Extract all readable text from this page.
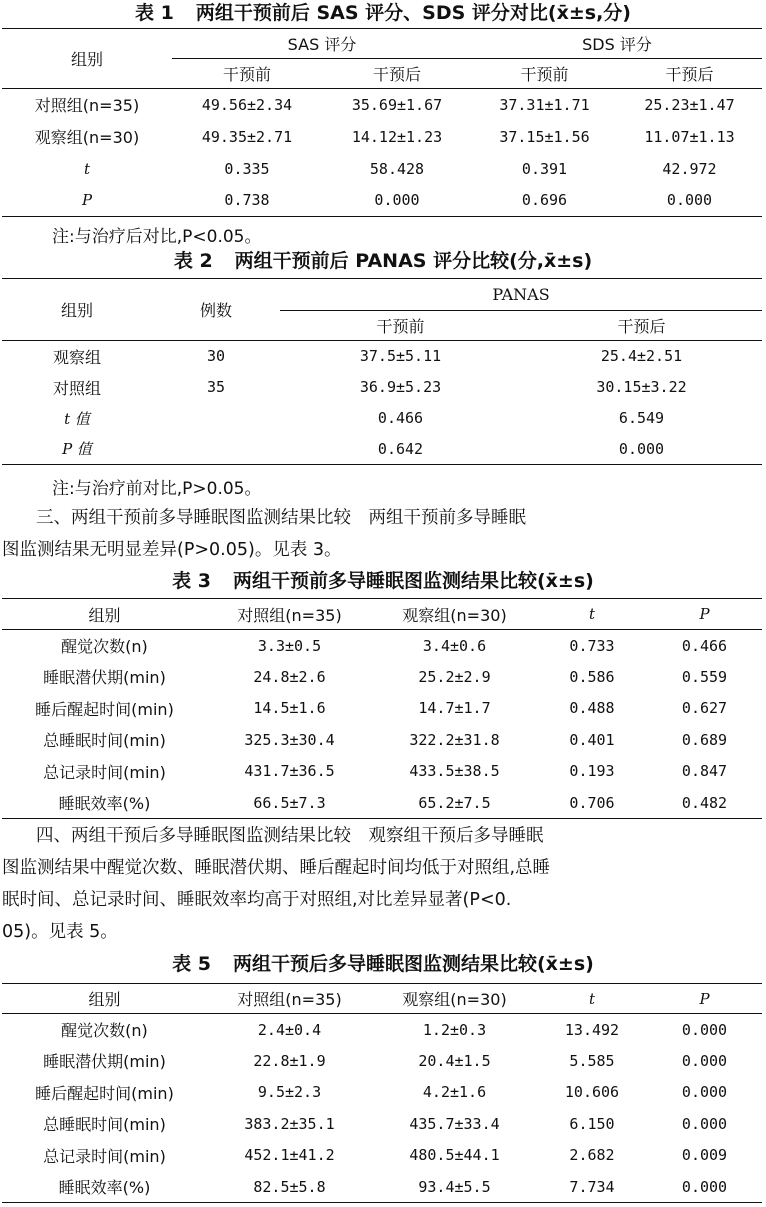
表 1 两组干预前后 SAS 评分、SDS 评分对比(x̄±s,分)
组别	SAS 评分		SDS 评分	
	干预前	干预后	干预前	干预后
对照组(n=35)	49.56±2.34	35.69±1.67	37.31±1.71	25.23±1.47
观察组(n=30)	49.35±2.71	14.12±1.23	37.15±1.56	11.07±1.13
t	0.335	58.428	0.391	42.972
P	0.738	0.000	0.696	0.000
注:与治疗后对比,P<0.05。
表 2 两组干预前后 PANAS 评分比较(分,x̄±s)
组别	例数	PANAS	
		干预前	干预后
观察组	30	37.5±5.11	25.4±2.51
对照组	35	36.9±5.23	30.15±3.22
t 值		0.466	6.549
P 值		0.642	0.000
注:与治疗前对比,P>0.05。
三、两组干预前多导睡眠图监测结果比较　两组干预前多导睡眠
图监测结果无明显差异(P>0.05)。见表 3。
表 3 两组干预前多导睡眠图监测结果比较(x̄±s)
组别	对照组(n=35)	观察组(n=30)	t	P
醒觉次数(n)	3.3±0.5	3.4±0.6	0.733	0.466
睡眠潜伏期(min)	24.8±2.6	25.2±2.9	0.586	0.559
睡后醒起时间(min)	14.5±1.6	14.7±1.7	0.488	0.627
总睡眠时间(min)	325.3±30.4	322.2±31.8	0.401	0.689
总记录时间(min)	431.7±36.5	433.5±38.5	0.193	0.847
睡眠效率(%)	66.5±7.3	65.2±7.5	0.706	0.482
四、两组干预后多导睡眠图监测结果比较　观察组干预后多导睡眠
图监测结果中醒觉次数、睡眠潜伏期、睡后醒起时间均低于对照组,总睡
眠时间、总记录时间、睡眠效率均高于对照组,对比差异显著(P<0.
05)。见表 5。
表 5 两组干预后多导睡眠图监测结果比较(x̄±s)
组别	对照组(n=35)	观察组(n=30)	t	P
醒觉次数(n)	2.4±0.4	1.2±0.3	13.492	0.000
睡眠潜伏期(min)	22.8±1.9	20.4±1.5	5.585	0.000
睡后醒起时间(min)	9.5±2.3	4.2±1.6	10.606	0.000
总睡眠时间(min)	383.2±35.1	435.7±33.4	6.150	0.000
总记录时间(min)	452.1±41.2	480.5±44.1	2.682	0.009
睡眠效率(%)	82.5±5.8	93.4±5.5	7.734	0.000
